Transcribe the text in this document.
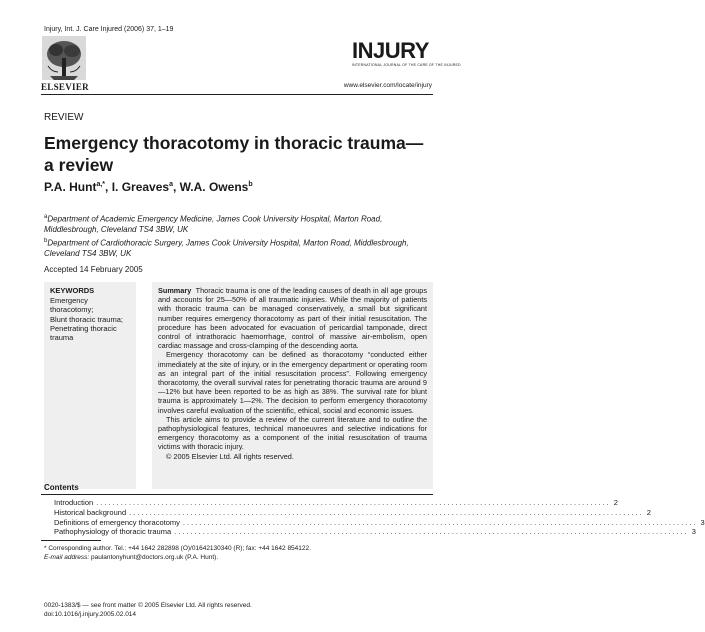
Injury, Int. J. Care Injured (2006) 37, 1–19
ELSEVIER
INJURY
INTERNATIONAL JOURNAL OF THE CARE OF THE INJURED
www.elsevier.com/locate/injury
REVIEW
Emergency thoracotomy in thoracic trauma—a review
P.A. Hunt$^{a,*}$, I. Greaves$^a$, W.A. Owens$^b$
$^a$Department of Academic Emergency Medicine, James Cook University Hospital, Marton Road, Middlesbrough, Cleveland TS4 3BW, UK
$^b$Department of Cardiothoracic Surgery, James Cook University Hospital, Marton Road, Middlesbrough, Cleveland TS4 3BW, UK
Accepted 14 February 2005
KEYWORDS
Emergency thoracotomy;
Blunt thoracic trauma;
Penetrating thoracic trauma

Summary Thoracic trauma is one of the leading causes of death in all age groups and accounts for 25—50% of all traumatic injuries. While the majority of patients with thoracic trauma can be managed conservatively, a small but significant number requires emergency thoracotomy as part of their initial resuscitation. The procedure has been advocated for evacuation of pericardial tamponade, direct control of intrathoracic haemorrhage, control of massive air-embolism, open cardiac massage and cross-clamping of the descending aorta.

Emergency thoracotomy can be defined as thoracotomy “conducted either immediately at the site of injury, or in the emergency department or operating room as an integral part of the initial resuscitation process”. Following emergency thoracotomy, the overall survival rates for penetrating thoracic trauma are around 9—12% but have been reported to be as high as 38%. The survival rate for blunt trauma is approximately 1—2%. The decision to perform emergency thoracotomy involves careful evaluation of the scientific, ethical, social and economic issues.

This article aims to provide a review of the current literature and to outline the pathophysiological features, technical manoeuvres and selective indications for emergency thoracotomy as a component of the initial resuscitation of trauma victims with thoracic injury.

© 2005 Elsevier Ltd. All rights reserved.

Contents
Introduction .............................................................................................................................. 2
Historical background .............................................................................................................................. 2
Definitions of emergency thoracotomy .............................................................................................................................. 3
Pathophysiology of thoracic trauma .............................................................................................................................. 3
* Corresponding author. Tel.: +44 1642 282898 (O)/01642130340 (R); fax: +44 1642 854122.
E-mail address: paulantonyhunt@doctors.org.uk (P.A. Hunt).
0020-1383/$ — see front matter © 2005 Elsevier Ltd. All rights reserved.
doi:10.1016/j.injury.2005.02.014
